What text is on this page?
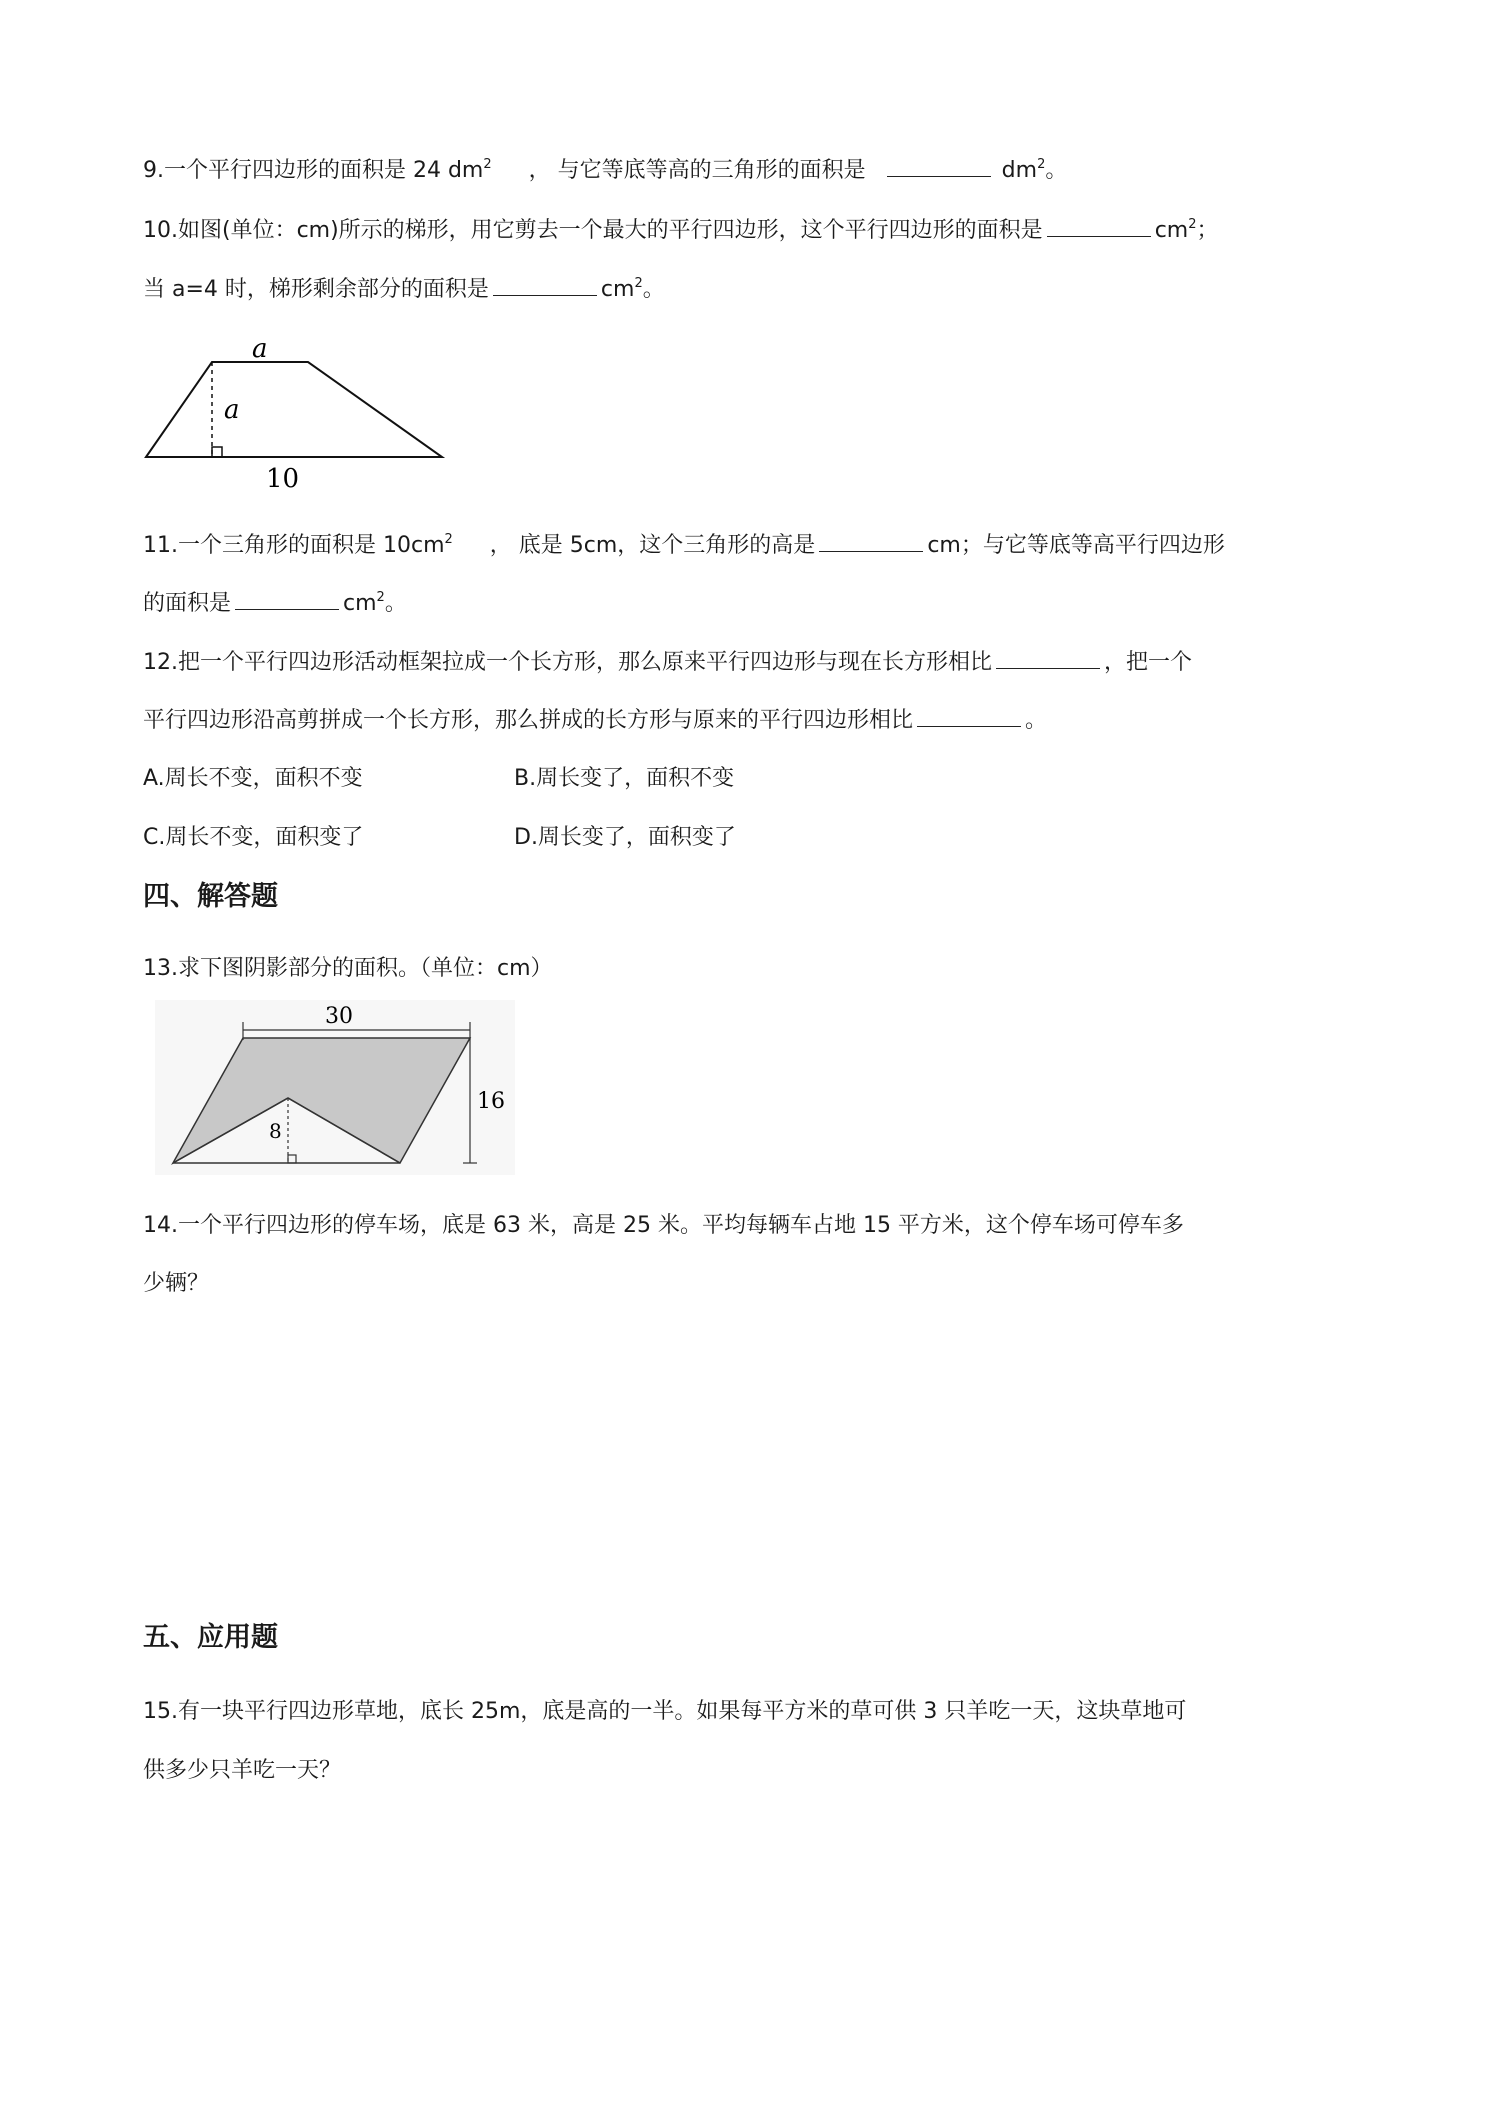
9.一个平行四边形的面积是 24 $dm^2$ ， 与它等底等高的三角形的面积是	$dm^2$。
10.如图(单位：cm)所示的梯形，用它剪去一个最大的平行四边形，这个平行四边形的面积是	$cm^2$；
当 a=4 时，梯形剩余部分的面积是	$cm^2$。
a
a
10
11.一个三角形的面积是 $10cm^2$ ， 底是 5cm，这个三角形的高是	cm；与它等底等高平行四边形
的面积是	$cm^2$。
12.把一个平行四边形活动框架拉成一个长方形，那么原来平行四边形与现在长方形相比	，把一个
平行四边形沿高剪拼成一个长方形，那么拼成的长方形与原来的平行四边形相比	。
A.周长不变，面积不变	B.周长变了，面积不变
C.周长不变，面积变了	D.周长变了，面积变了
四、解答题
13.求下图阴影部分的面积。（单位：cm）
30
16
8
14.一个平行四边形的停车场，底是 63 米，高是 25 米。平均每辆车占地 15 平方米，这个停车场可停车多
少辆？
五、应用题
15.有一块平行四边形草地，底长 25m，底是高的一半。如果每平方米的草可供 3 只羊吃一天，这块草地可
供多少只羊吃一天？
